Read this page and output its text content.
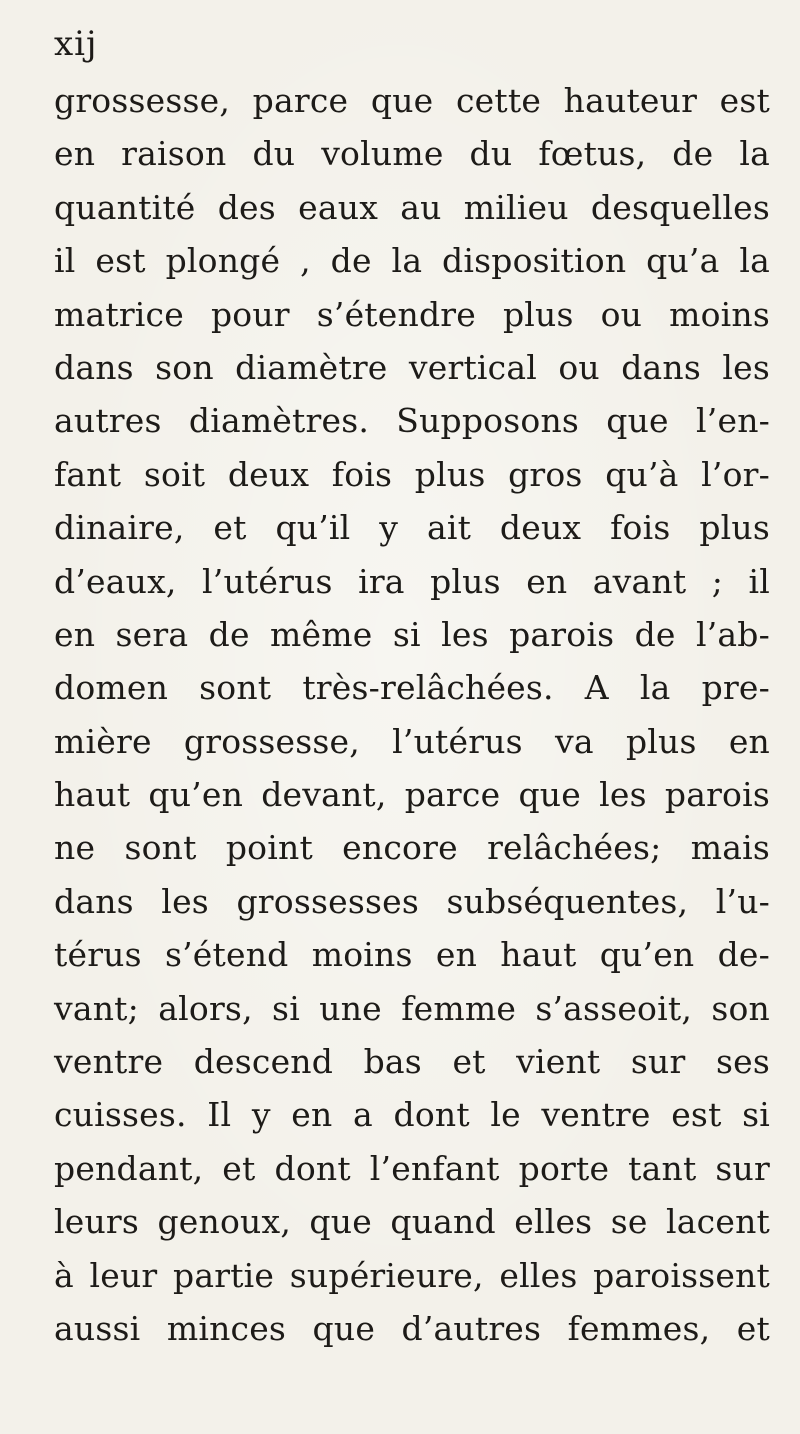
xij
grossesse, parce que cette hauteur est
en raison du volume du fœtus, de la
quantité des eaux au milieu desquelles
il est plongé , de la disposition qu’a la
matrice pour s’étendre plus ou moins
dans son diamètre vertical ou dans les
autres diamètres. Supposons que l’en-
fant soit deux fois plus gros qu’à l’or-
dinaire, et qu’il y ait deux fois plus
d’eaux, l’utérus ira plus en avant ; il
en sera de même si les parois de l’ab-
domen sont très-relâchées. A la pre-
mière grossesse, l’utérus va plus en
haut qu’en devant, parce que les parois
ne sont point encore relâchées; mais
dans les grossesses subséquentes, l’u-
térus s’étend moins en haut qu’en de-
vant; alors, si une femme s’asseoit, son
ventre descend bas et vient sur ses
cuisses. Il y en a dont le ventre est si
pendant, et dont l’enfant porte tant sur
leurs genoux, que quand elles se lacent
à leur partie supérieure, elles paroissent
aussi minces que d’autres femmes, et
